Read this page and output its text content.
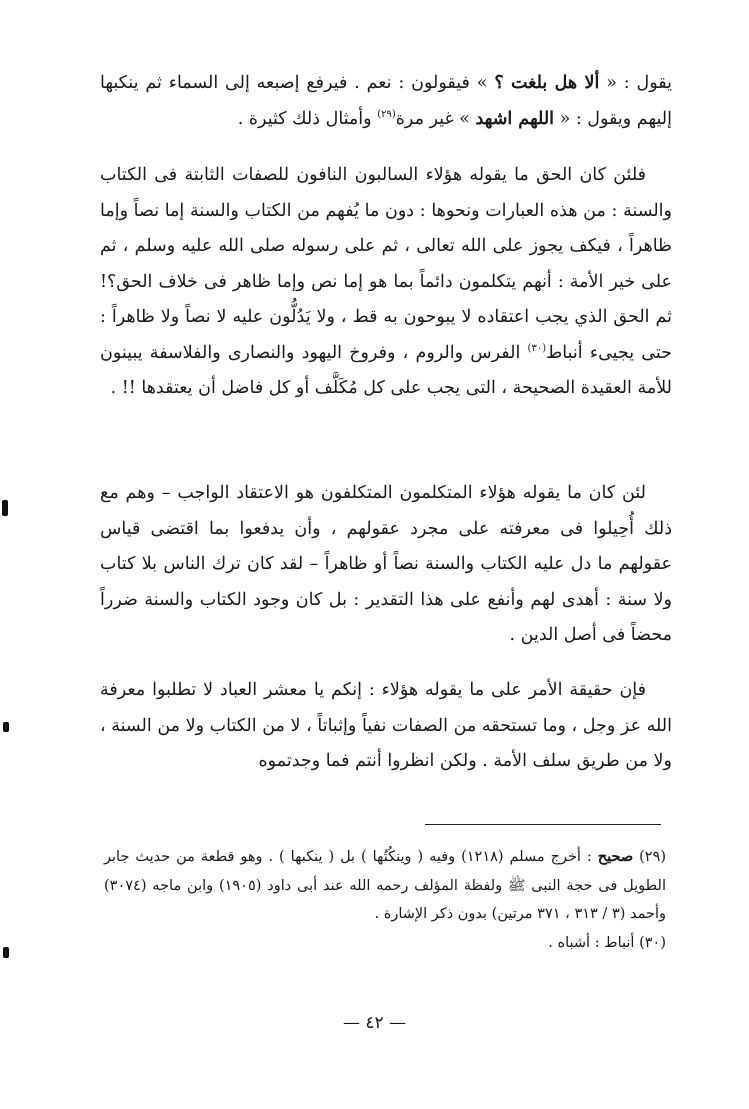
يقول : « ألا هل بلغت ؟ » فيقولون : نعم . فيرفع إصبعه إلى السماء ثم ينكبها إليهم ويقول : « اللهم اشهد » غير مرة$^{(٢٩)}$ وأمثال ذلك كثيرة .

فلئن كان الحق ما يقوله هؤلاء السالبون النافون للصفات الثابتة فى الكتاب والسنة : من هذه العبارات ونحوها : دون ما يُفهم من الكتاب والسنة إما نصاً وإما ظاهراً ، فيكف يجوز على الله تعالى ، ثم على رسوله صلى الله عليه وسلم ، ثم على خير الأمة : أنهم يتكلمون دائماً بما هو إما نص وإما ظاهر فى خلاف الحق؟! ثم الحق الذي يجب اعتقاده لا يبوحون به قط ، ولا يَدُلُّون عليه لا نصاً ولا ظاهراً : حتى يجيىء أنباط$^{(٣٠)}$ الفرس والروم ، وفروخ اليهود والنصارى والفلاسفة يبينون للأمة العقيدة الصحيحة ، التى يجب على كل مُكَلَّف أو كل فاضل أن يعتقدها !! .

لئن كان ما يقوله هؤلاء المتكلمون المتكلفون هو الاعتقاد الواجب – وهم مع ذلك أُحِيلوا فى معرفته على مجرد عقولهم ، وأن يدفعوا بما اقتضى قياس عقولهم ما دل عليه الكتاب والسنة نصاً أو ظاهراً – لقد كان ترك الناس بلا كتاب ولا سنة : أهدى لهم وأنفع على هذا التقدير : بل كان وجود الكتاب والسنة ضرراً محضاً فى أصل الدين .

فإن حقيقة الأمر على ما يقوله هؤلاء : إنكم يا معشر العباد لا تطلبوا معرفة الله عز وجل ، وما تستحقه من الصفات نفياً وإثباتاً ، لا من الكتاب ولا من السنة ، ولا من طريق سلف الأمة . ولكن انظروا أنتم فما وجدتموه

(٢٩) صحيح : أخرج مسلم (١٢١٨) وفيه ( وينكُتُها ) بل ( ينكبها ) . وهو قطعة من حديث جابر الطويل فى حجة النبى ﷺ ولفظة المؤلف رحمه الله عند أبى داود (١٩٠٥) وابن ماجه (٣٠٧٤) وأحمد (٣ / ٣١٣ ، ٣٧١ مرتين) بدون ذكر الإشارة .

(٣٠) أنباط : أشباه .

— ٤٢ —
